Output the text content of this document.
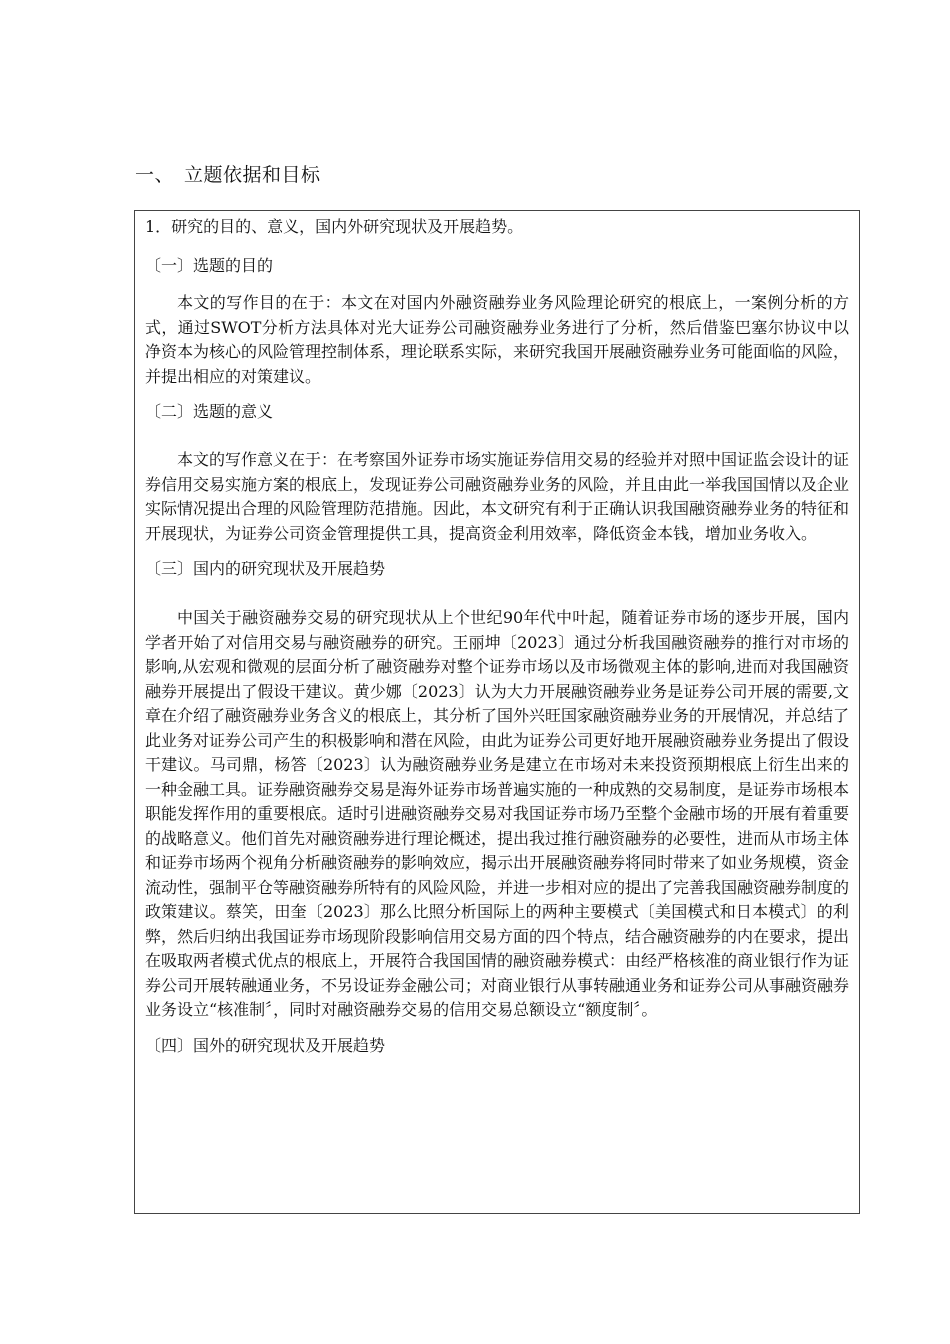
一、　立题依据和目标

1．研究的目的、意义，国内外研究现状及开展趋势。

〔一〕选题的目的

本文的写作目的在于：本文在对国内外融资融券业务风险理论研究的根底上，一案例分析的方式，通过SWOT分析方法具体对光大证券公司融资融券业务进行了分析，然后借鉴巴塞尔协议中以净资本为核心的风险管理控制体系，理论联系实际，来研究我国开展融资融券业务可能面临的风险，并提出相应的对策建议。

〔二〕选题的意义

本文的写作意义在于：在考察国外证券市场实施证券信用交易的经验并对照中国证监会设计的证券信用交易实施方案的根底上，发现证券公司融资融券业务的风险，并且由此一举我国国情以及企业实际情况提出合理的风险管理防范措施。因此，本文研究有利于正确认识我国融资融券业务的特征和开展现状，为证券公司资金管理提供工具，提高资金利用效率，降低资金本钱，增加业务收入。

〔三〕国内的研究现状及开展趋势

中国关于融资融券交易的研究现状从上个世纪90年代中叶起，随着证券市场的逐步开展，国内学者开始了对信用交易与融资融券的研究。王丽坤〔2023〕通过分析我国融资融券的推行对市场的影响,从宏观和微观的层面分析了融资融券对整个证券市场以及市场微观主体的影响,进而对我国融资融券开展提出了假设干建议。黄少娜〔2023〕认为大力开展融资融券业务是证券公司开展的需要,文章在介绍了融资融券业务含义的根底上，其分析了国外兴旺国家融资融券业务的开展情况，并总结了此业务对证券公司产生的积极影响和潜在风险，由此为证券公司更好地开展融资融券业务提出了假设干建议。马司鼎，杨答〔2023〕认为融资融券业务是建立在市场对未来投资预期根底上衍生出来的一种金融工具。证券融资融券交易是海外证券市场普遍实施的一种成熟的交易制度，是证券市场根本职能发挥作用的重要根底。适时引进融资融券交易对我国证券市场乃至整个金融市场的开展有着重要的战略意义。他们首先对融资融券进行理论概述，提出我过推行融资融券的必要性，进而从市场主体和证券市场两个视角分析融资融券的影响效应，揭示出开展融资融券将同时带来了如业务规模，资金流动性，强制平仓等融资融券所特有的风险风险，并进一步相对应的提出了完善我国融资融券制度的政策建议。蔡笑，田奎〔2023〕那么比照分析国际上的两种主要模式〔美国模式和日本模式〕的利弊，然后归纳出我国证券市场现阶段影响信用交易方面的四个特点，结合融资融券的内在要求，提出在吸取两者模式优点的根底上，开展符合我国国情的融资融券模式：由经严格核准的商业银行作为证券公司开展转融通业务，不另设证券金融公司；对商业银行从事转融通业务和证券公司从事融资融券业务设立“核准制〞，同时对融资融券交易的信用交易总额设立“额度制〞。

〔四〕国外的研究现状及开展趋势
